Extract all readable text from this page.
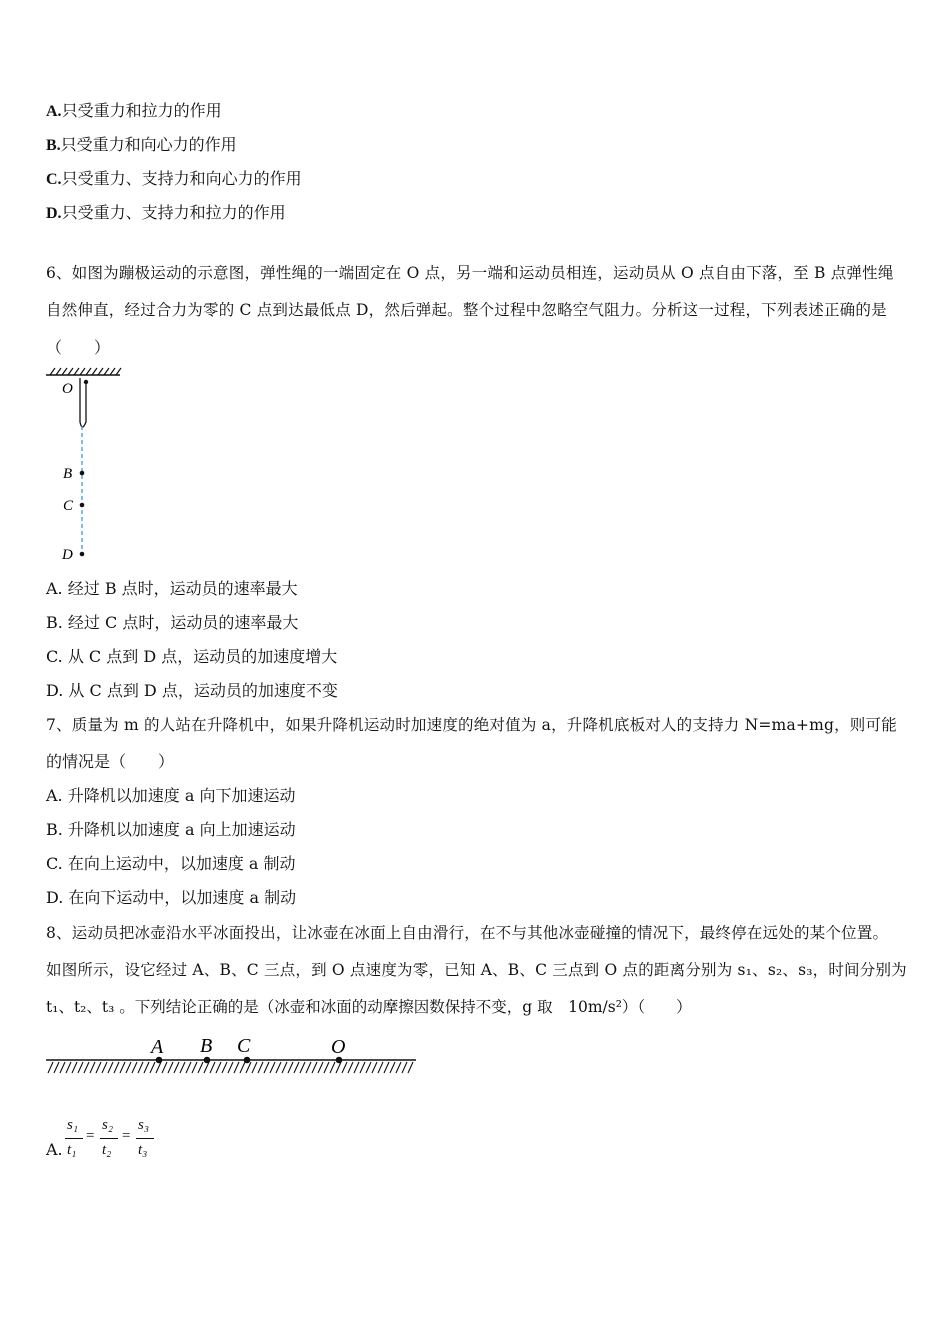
A.只受重力和拉力的作用
B.只受重力和向心力的作用
C.只受重力、支持力和向心力的作用
D.只受重力、支持力和拉力的作用
6、如图为蹦极运动的示意图，弹性绳的一端固定在 O 点，另一端和运动员相连，运动员从 O 点自由下落，至 B 点弹性绳
自然伸直，经过合力为零的 C 点到达最低点 D，然后弹起。整个过程中忽略空气阻力。分析这一过程，下列表述正确的是
（　　）
O
B
C
D
A. 经过 B 点时，运动员的速率最大
B. 经过 C 点时，运动员的速率最大
C. 从 C 点到 D 点，运动员的加速度增大
D. 从 C 点到 D 点，运动员的加速度不变
7、质量为 m 的人站在升降机中，如果升降机运动时加速度的绝对值为 a，升降机底板对人的支持力 N=ma+mg，则可能
的情况是（　　）
A. 升降机以加速度 a 向下加速运动
B. 升降机以加速度 a 向上加速运动
C. 在向上运动中，以加速度 a 制动
D. 在向下运动中，以加速度 a 制动
8、运动员把冰壶沿水平冰面投出，让冰壶在冰面上自由滑行，在不与其他冰壶碰撞的情况下，最终停在远处的某个位置。
如图所示，设它经过 A、B、C 三点，到 O 点速度为零，已知 A、B、C 三点到 O 点的距离分别为 s₁、s₂、s₃，时间分别为
t₁、t₂、t₃ 。下列结论正确的是（冰壶和冰面的动摩擦因数保持不变，g 取　10m/s²）（　　）
A B C	O
A.
s₁
t₁
=
s₂
t₂
=
s₃
t₃
